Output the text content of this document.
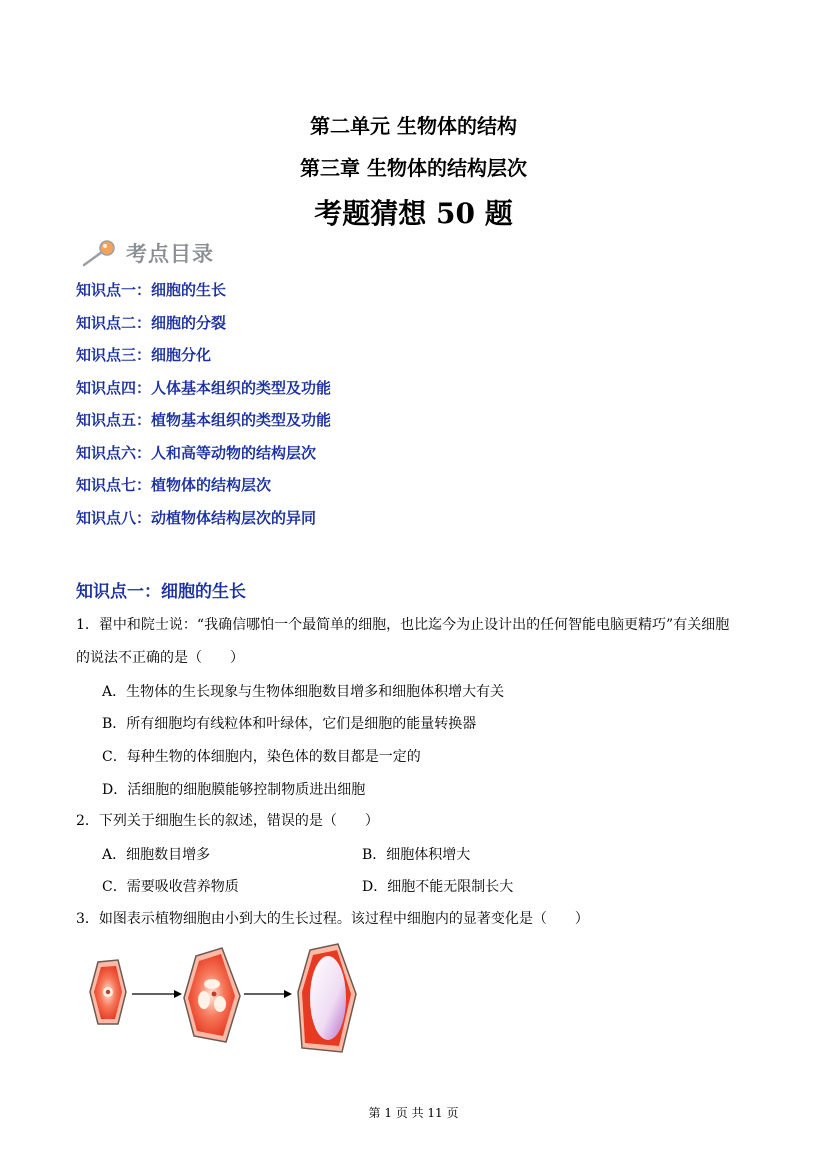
第二单元 生物体的结构
第三章 生物体的结构层次
考题猜想 50 题
考点目录
知识点一：细胞的生长
知识点二：细胞的分裂
知识点三：细胞分化
知识点四：人体基本组织的类型及功能
知识点五：植物基本组织的类型及功能
知识点六：人和高等动物的结构层次
知识点七：植物体的结构层次
知识点八：动植物体结构层次的异同
知识点一：细胞的生长
1．翟中和院士说：“我确信哪怕一个最简单的细胞，也比迄今为止设计出的任何智能电脑更精巧”有关细胞
的说法不正确的是（　　）
A．生物体的生长现象与生物体细胞数目增多和细胞体积增大有关
B．所有细胞均有线粒体和叶绿体，它们是细胞的能量转换器
C．每种生物的体细胞内，染色体的数目都是一定的
D．活细胞的细胞膜能够控制物质进出细胞
2．下列关于细胞生长的叙述，错误的是（　　）
A．细胞数目增多	B．细胞体积增大
C．需要吸收营养物质	D．细胞不能无限制长大
3．如图表示植物细胞由小到大的生长过程。该过程中细胞内的显著变化是（　　）
第 1 页 共 11 页
